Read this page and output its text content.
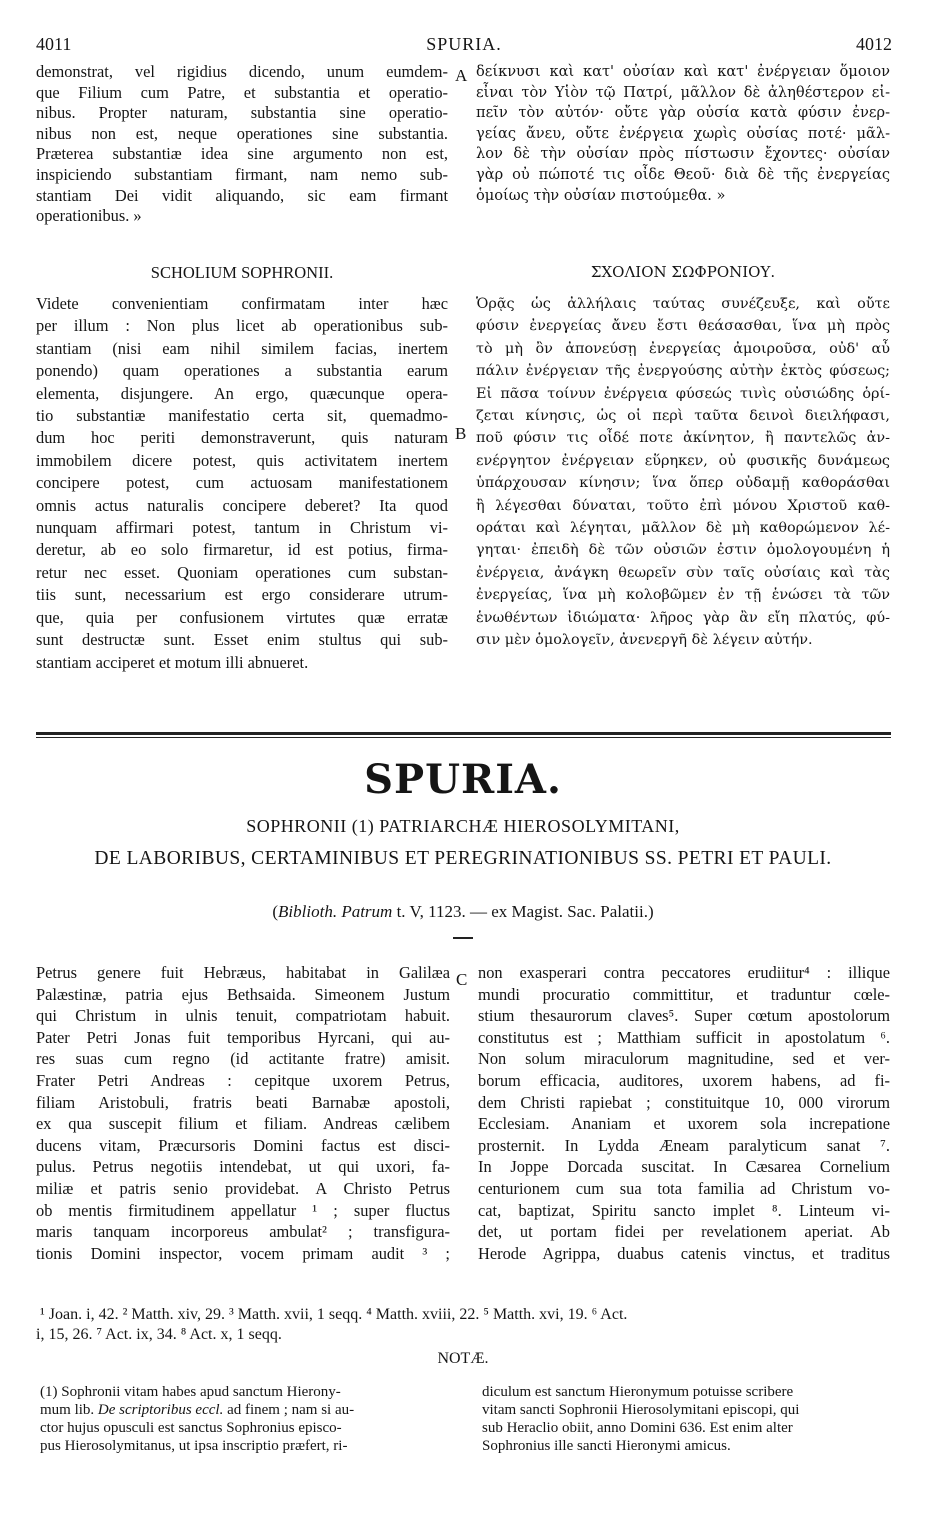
4011	SPURIA.	4012
demonstrat, vel rigidius dicendo, unum eumdem-
que Filium cum Patre, et substantia et operatio-
nibus. Propter naturam, substantia sine operatio-
nibus non est, neque operationes sine substantia.
Præterea substantiæ idea sine argumento non est,
inspiciendo substantiam firmant, nam nemo sub-
stantiam Dei vidit aliquando, sic eam firmant
operationibus. »
A δείκνυσι καὶ κατ' οὐσίαν καὶ κατ' ἐνέργειαν ὅμοιον
εἶναι τὸν Υἱὸν τῷ Πατρί, μᾶλλον δὲ ἀληθέστερον εἰ-
πεῖν τὸν αὐτόν· οὔτε γὰρ οὐσία κατὰ φύσιν ἐνερ-
γείας ἄνευ, οὔτε ἐνέργεια χωρὶς οὐσίας ποτέ· μᾶλ-
λον δὲ τὴν οὐσίαν πρὸς πίστωσιν ἔχοντες· οὐσίαν
γὰρ οὐ πώποτέ τις οἶδε Θεοῦ· διὰ δὲ τῆς ἐνεργείας
ὁμοίως τὴν οὐσίαν πιστούμεθα. »
SCHOLIUM SOPHRONII.	ΣΧΟΛΙΟΝ ΣΩΦΡΟΝΙΟΥ.
Videte convenientiam confirmatam inter hæc
per illum : Non plus licet ab operationibus sub-
stantiam (nisi eam nihil similem facias, inertem
ponendo) quam operationes a substantia earum
elementa, disjungere. An ergo, quæcunque opera-
tio substantiæ manifestatio certa sit, quemadmo-
dum hoc periti demonstraverunt, quis naturam
immobilem dicere potest, quis activitatem inertem
concipere potest, cum actuosam manifestationem
omnis actus naturalis concipere deberet? Ita quod
nunquam affirmari potest, tantum in Christum vi-
deretur, ab eo solo firmaretur, id est potius, firma-
retur nec esset. Quoniam operationes cum substan-
tiis sunt, necessarium est ergo considerare utrum-
que, quia per confusionem virtutes quæ erratæ
sunt destructæ sunt. Esset enim stultus qui sub-
stantiam acciperet et motum illi abnueret.
B
Ὁρᾷς ὡς ἀλλήλαις ταύτας συνέζευξε, καὶ οὔτε
φύσιν ἐνεργείας ἄνευ ἔστι θεάσασθαι, ἵνα μὴ πρὸς
τὸ μὴ ὂν ἀπονεύσῃ ἐνεργείας ἀμοιροῦσα, οὐδ' αὖ
πάλιν ἐνέργειαν τῆς ἐνεργούσης αὐτὴν ἐκτὸς φύσεως;
Εἰ πᾶσα τοίνυν ἐνέργεια φύσεώς τινὶς οὐσιώδης ὁρί-
ζεται κίνησις, ὡς οἱ περὶ ταῦτα δεινοὶ διειλήφασι,
ποῦ φύσιν τις οἶδέ ποτε ἀκίνητον, ἢ παντελῶς ἀν-
ενέργητον ἐνέργειαν εὕρηκεν, οὐ φυσικῆς δυνάμεως
ὑπάρχουσαν κίνησιν; ἵνα ὅπερ οὐδαμῇ καθοράσθαι
ἢ λέγεσθαι δύναται, τοῦτο ἐπὶ μόνου Χριστοῦ καθ-
οράται καὶ λέγηται, μᾶλλον δὲ μὴ καθορώμενον λέ-
γηται· ἐπειδὴ δὲ τῶν οὐσιῶν ἐστιν ὁμολογουμένη ἡ
ἐνέργεια, ἀνάγκη θεωρεῖν σὺν ταῖς οὐσίαις καὶ τὰς
ἐνεργείας, ἵνα μὴ κολοβῶμεν ἐν τῇ ἑνώσει τὰ τῶν
ἑνωθέντων ἰδιώματα· λῆρος γὰρ ἂν εἴη πλατύς, φύ-
σιν μὲν ὁμολογεῖν, ἀνενεργῆ δὲ λέγειν αὐτήν.
SPURIA.
SOPHRONII (1) PATRIARCHÆ HIEROSOLYMITANI,
DE LABORIBUS, CERTAMINIBUS ET PEREGRINATIONIBUS SS. PETRI ET PAULI.
(Biblioth. Patrum t. V, 1123. — ex Magist. Sac. Palatii.)
Petrus genere fuit Hebræus, habitabat in Galilæa
Palæstinæ, patria ejus Bethsaida. Simeonem Justum
qui Christum in ulnis tenuit, compatriotam habuit.
Pater Petri Jonas fuit temporibus Hyrcani, qui au-
res suas cum regno (id actitante fratre) amisit.
Frater Petri Andreas : cepitque uxorem Petrus,
filiam Aristobuli, fratris beati Barnabæ apostoli,
ex qua suscepit filium et filiam. Andreas cælibem
ducens vitam, Præcursoris Domini factus est disci-
pulus. Petrus negotiis intendebat, ut qui uxori, fa-
miliæ et patris senio providebat. A Christo Petrus
ob mentis firmitudinem appellatur ¹ ; super fluctus
maris tanquam incorporeus ambulat² ; transfigura-
tionis Domini inspector, vocem primam audit ³ ;
C non exasperari contra peccatores erudiitur⁴ : illique
mundi procuratio committitur, et traduntur cœle-
stium thesaurorum claves⁵. Super cœtum apostolorum
constitutus est ; Matthiam sufficit in apostolatum ⁶.
Non solum miraculorum magnitudine, sed et ver-
borum efficacia, auditores, uxorem habens, ad fi-
dem Christi rapiebat ; constituitque 10, 000 virorum
Ecclesiam. Ananiam et uxorem sola increpatione
prosternit. In Lydda Æneam paralyticum sanat ⁷.
In Joppe Dorcada suscitat. In Cæsarea Cornelium
centurionem cum sua tota familia ad Christum vo-
cat, baptizat, Spiritu sancto implet ⁸. Linteum vi-
det, ut portam fidei per revelationem aperiat. Ab
Herode Agrippa, duabus catenis vinctus, et traditus
¹ Joan. i, 42. ² Matth. xiv, 29. ³ Matth. xvii, 1 seqq. ⁴ Matth. xviii, 22. ⁵ Matth. xvi, 19. ⁶ Act.
i, 15, 26. ⁷ Act. ix, 34. ⁸ Act. x, 1 seqq.
NOTÆ.
(1) Sophronii vitam habes apud sanctum Hierony-
mum lib. De scriptoribus eccl. ad finem ; nam si au-
ctor hujus opusculi est sanctus Sophronius episco-
pus Hierosolymitanus, ut ipsa inscriptio præfert, ri-
diculum est sanctum Hieronymum potuisse scribere
vitam sancti Sophronii Hierosolymitani episcopi, qui
sub Heraclio obiit, anno Domini 636. Est enim alter
Sophronius ille sancti Hieronymi amicus.
